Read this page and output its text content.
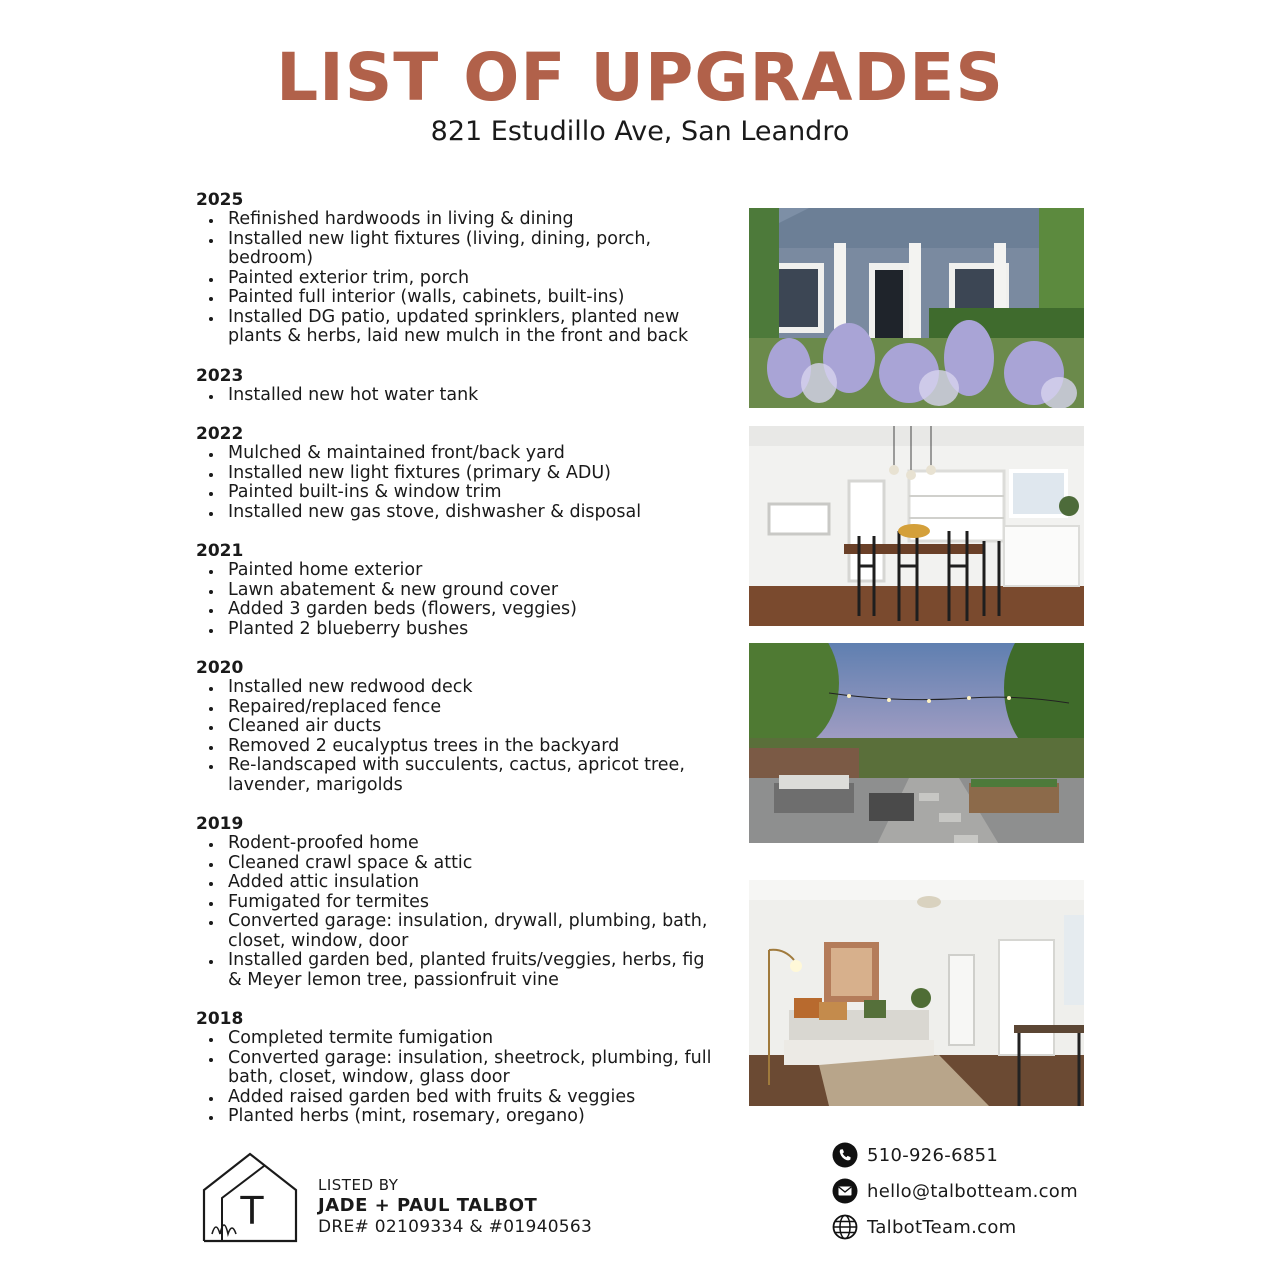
LIST OF UPGRADES
821 Estudillo Ave, San Leandro
2025
Refinished hardwoods in living & dining
Installed new light fixtures (living, dining, porch, bedroom)
Painted exterior trim, porch
Painted full interior (walls, cabinets, built-ins)
Installed DG patio, updated sprinklers, planted new plants & herbs, laid new mulch in the front and back
2023
Installed new hot water tank
2022
Mulched & maintained front/back yard
Installed new light fixtures (primary & ADU)
Painted built-ins & window trim
Installed new gas stove, dishwasher & disposal
2021
Painted home exterior
Lawn abatement & new ground cover
Added 3 garden beds (flowers, veggies)
Planted 2 blueberry bushes
2020
Installed new redwood deck
Repaired/replaced fence
Cleaned air ducts
Removed 2 eucalyptus trees in the backyard
Re-landscaped with succulents, cactus, apricot tree, lavender, marigolds
2019
Rodent-proofed home
Cleaned crawl space & attic
Added attic insulation
Fumigated for termites
Converted garage: insulation, drywall, plumbing, bath, closet, window, door
Installed garden bed, planted fruits/veggies, herbs, fig & Meyer lemon tree, passionfruit vine
2018
Completed termite fumigation
Converted garage: insulation, sheetrock, plumbing, full bath, closet, window, glass door
Added raised garden bed with fruits & veggies
Planted herbs (mint, rosemary, oregano)
T
LISTED BY
JADE + PAUL TALBOT
DRE# 02109334 & #01940563
510-926-6851
hello@talbotteam.com
TalbotTeam.com
